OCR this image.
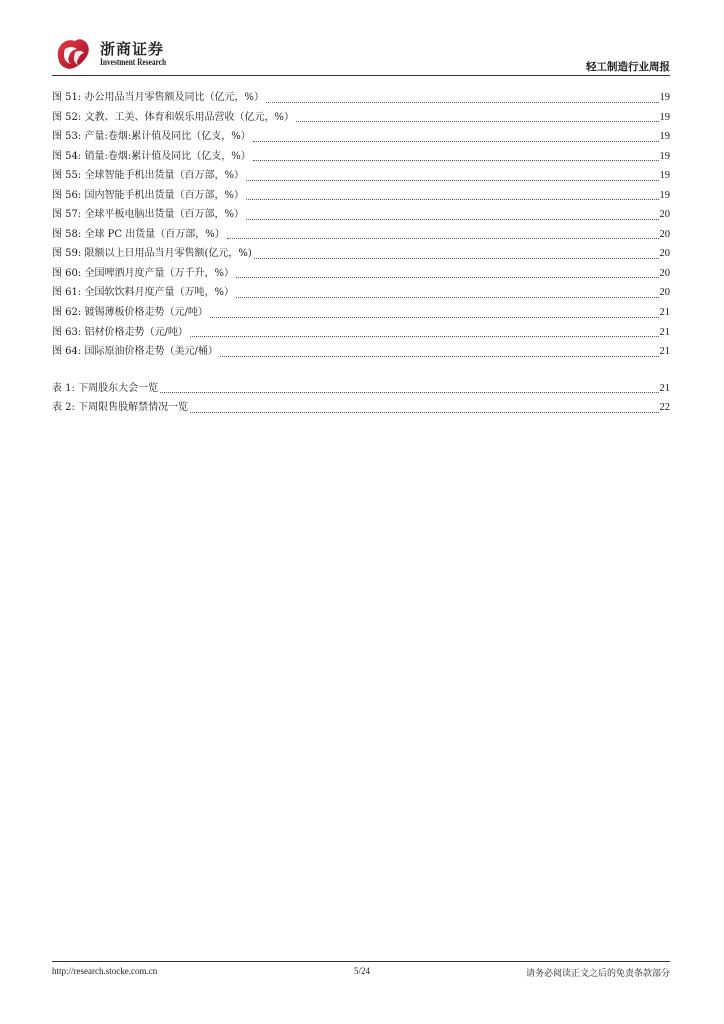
浙商证券
Investment Research	轻工制造行业周报
图 51: 办公用品当月零售额及同比（亿元，%）	19
图 52: 文教、工美、体育和娱乐用品营收（亿元，%）	19
图 53: 产量:卷烟:累计值及同比（亿支，%）	19
图 54: 销量:卷烟:累计值及同比（亿支，%）	19
图 55: 全球智能手机出货量（百万部，%）	19
图 56: 国内智能手机出货量（百万部，%）	19
图 57: 全球平板电脑出货量（百万部，%）	20
图 58: 全球 PC 出货量（百万部，%）	20
图 59: 限额以上日用品当月零售额(亿元，%)	20
图 60: 全国啤酒月度产量（万千升，%）	20
图 61: 全国软饮料月度产量（万吨，%）	20
图 62: 镀锡薄板价格走势（元/吨）	21
图 63: 铝材价格走势（元/吨）	21
图 64: 国际原油价格走势（美元/桶）	21
表 1: 下周股东大会一览	21
表 2: 下周限售股解禁情况一览	22
http://research.stocke.com.cn	5/24	请务必阅读正文之后的免责条款部分
